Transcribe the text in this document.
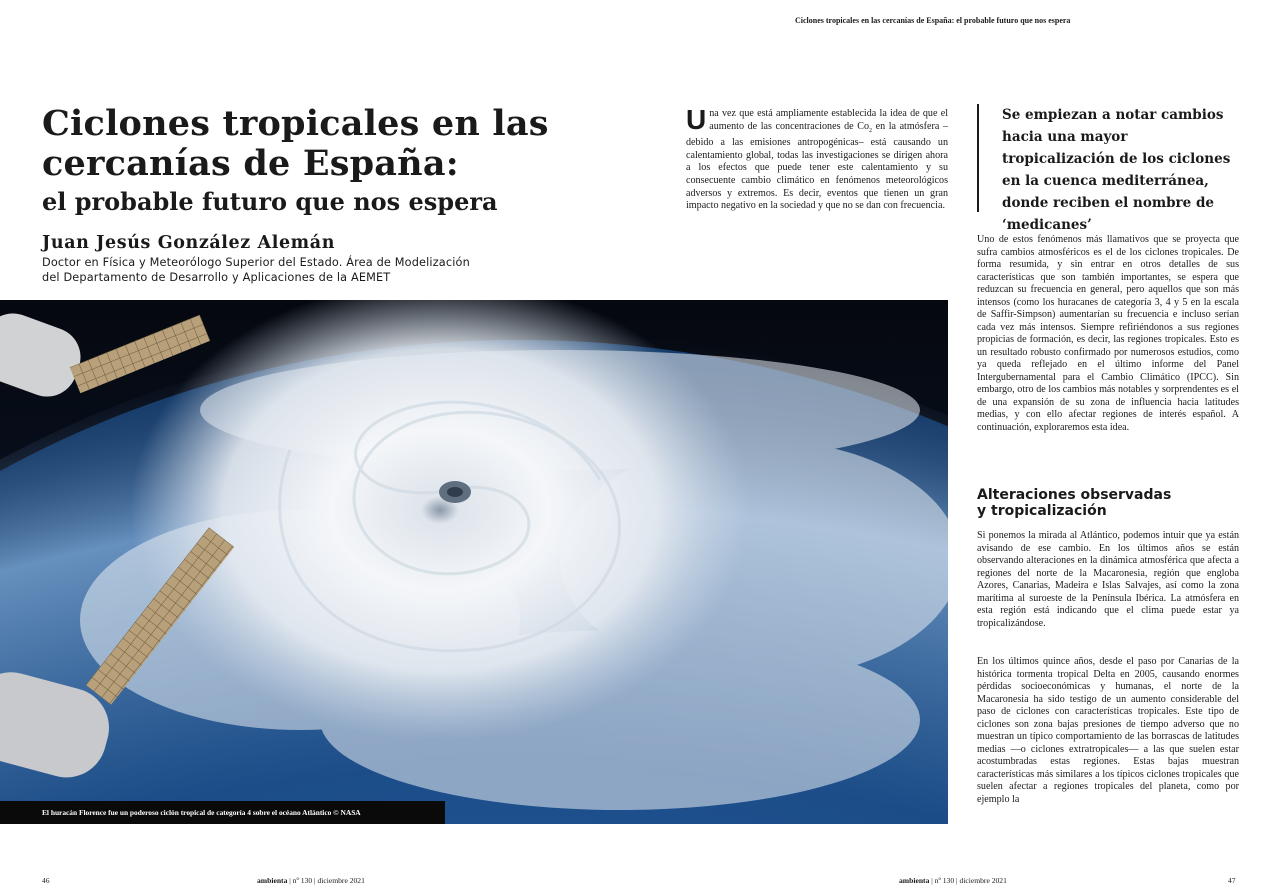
Ciclones tropicales en las cercanías de España: el probable futuro que nos espera
Ciclones tropicales en las cercanías de España:
el probable futuro que nos espera
Juan Jesús González Alemán
Doctor en Física y Meteorólogo Superior del Estado. Área de Modelización
del Departamento de Desarrollo y Aplicaciones de la AEMET
Una vez que está ampliamente establecida la idea de que el aumento de las concentraciones de $Co_2$ en la atmósfera –debido a las emisiones antropogénicas– está causando un calentamiento global, todas las investigaciones se dirigen ahora a los efectos que puede tener este calentamiento y su consecuente cambio climático en fenómenos meteorológicos adversos y extremos. Es decir, eventos que tienen un gran impacto negativo en la sociedad y que no se dan con frecuencia.
Se empiezan a notar cambios hacia una mayor tropicalización de los ciclones en la cuenca mediterránea, donde reciben el nombre de ‘medicanes’
Uno de estos fenómenos más llamativos que se proyecta que sufra cambios atmosféricos es el de los ciclones tropicales. De forma resumida, y sin entrar en otros detalles de sus características que son también importantes, se espera que reduzcan su frecuencia en general, pero aquellos que son más intensos (como los huracanes de categoría 3, 4 y 5 en la escala de Saffir-Simpson) aumentarían su frecuencia e incluso serían cada vez más intensos. Siempre refiriéndonos a sus regiones propicias de formación, es decir, las regiones tropicales. Esto es un resultado robusto confirmado por numerosos estudios, como ya queda reflejado en el último informe del Panel Intergubernamental para el Cambio Climático (IPCC). Sin embargo, otro de los cambios más notables y sorprendentes es el de una expansión de su zona de influencia hacia latitudes medias, y con ello afectar regiones de interés español. A continuación, exploraremos esta idea.
Alteraciones observadas
y tropicalización
Si ponemos la mirada al Atlántico, podemos intuir que ya están avisando de ese cambio. En los últimos años se están observando alteraciones en la dinámica atmosférica que afecta a regiones del norte de la Macaronesia, región que engloba Azores, Canarias, Madeira e Islas Salvajes, así como la zona marítima al suroeste de la Península Ibérica. La atmósfera en esta región está indicando que el clima puede estar ya tropicalizándose.
En los últimos quince años, desde el paso por Canarias de la histórica tormenta tropical Delta en 2005, causando enormes pérdidas socioeconómicas y humanas, el norte de la Macaronesia ha sido testigo de un aumento considerable del paso de ciclones con características tropicales. Este tipo de ciclones son zona bajas presiones de tiempo adverso que no muestran un típico comportamiento de las borrascas de latitudes medias —o ciclones extratropicales— a las que suelen estar acostumbradas estas regiones. Estas bajas muestran características más similares a los típicos ciclones tropicales que suelen afectar a regiones tropicales del planeta, como por ejemplo la
El huracán Florence fue un poderoso ciclón tropical de categoría 4 sobre el océano Atlántico © NASA
46	ambienta | nº 130 | diciembre 2021	ambienta | nº 130 | diciembre 2021	47
